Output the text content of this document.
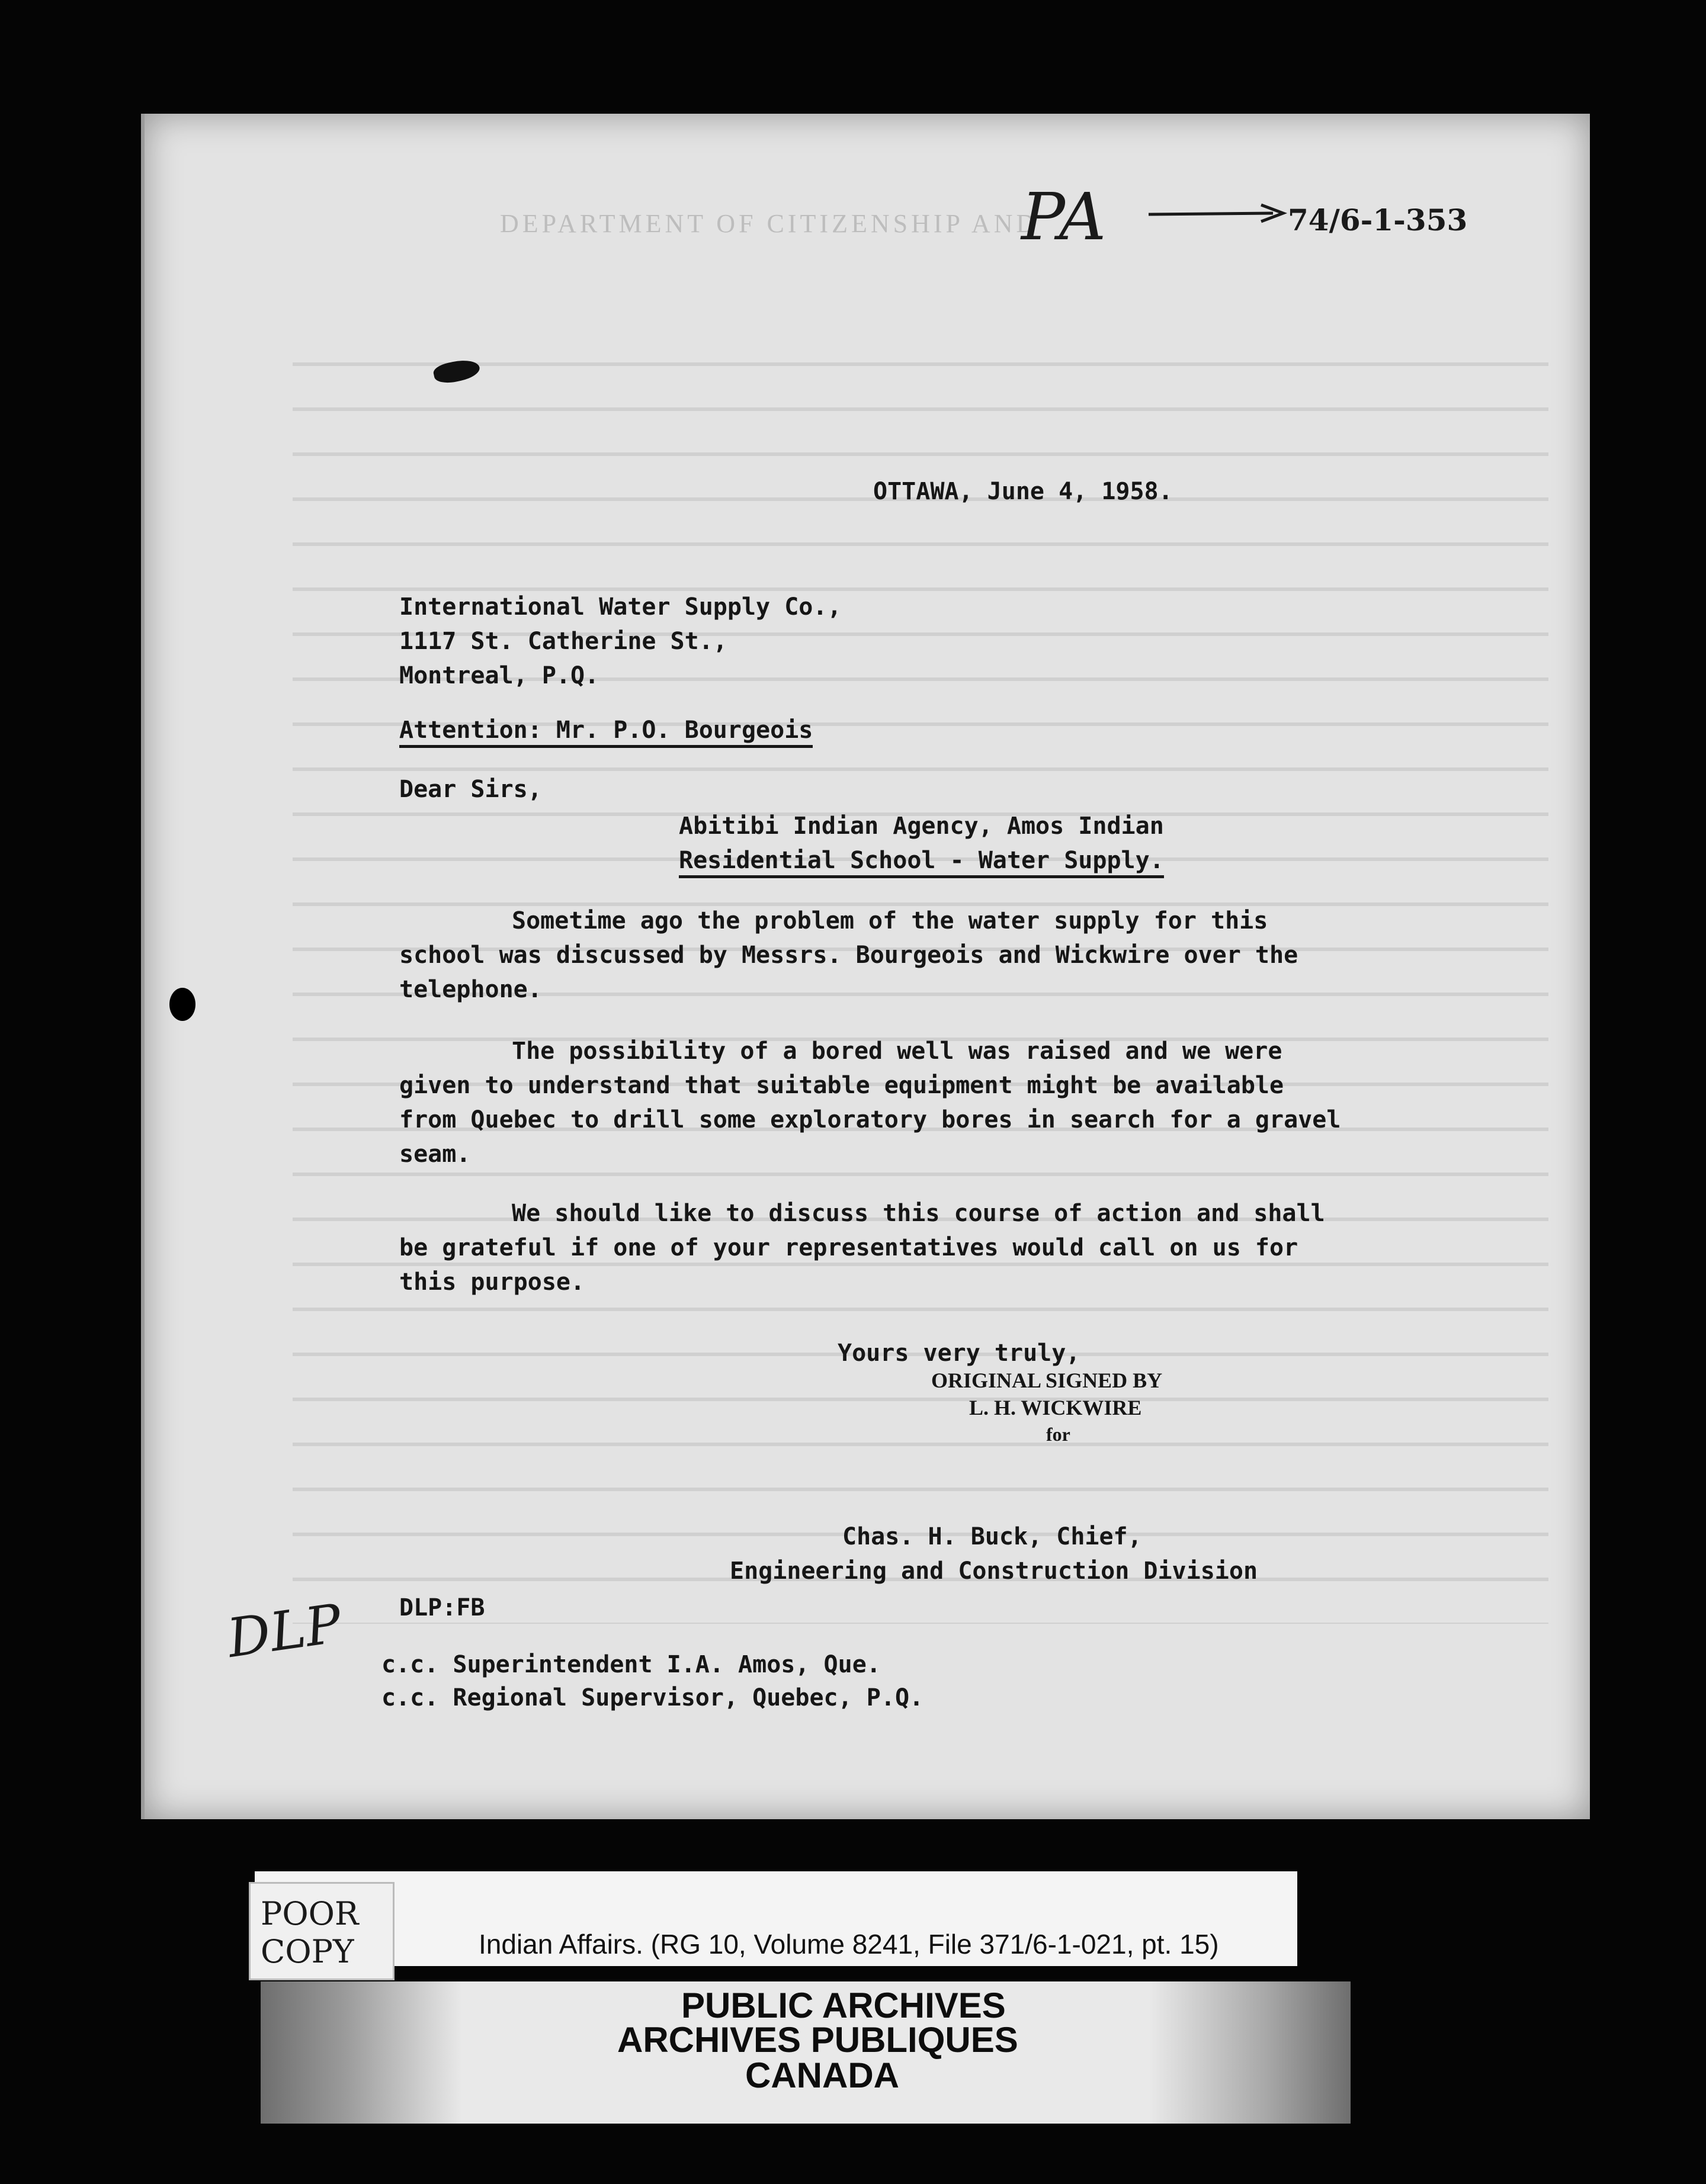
DEPARTMENT OF CITIZENSHIP AND
PA	74/6-1-353
OTTAWA, June 4, 1958.
International Water Supply Co.,
1117 St. Catherine St.,
Montreal, P.Q.
Attention: Mr. P.O. Bourgeois
Dear Sirs,
Abitibi Indian Agency, Amos Indian
Residential School - Water Supply.
Sometime ago the problem of the water supply for this
school was discussed by Messrs. Bourgeois and Wickwire over the
telephone.
The possibility of a bored well was raised and we were
given to understand that suitable equipment might be available
from Quebec to drill some exploratory bores in search for a gravel
seam.
We should like to discuss this course of action and shall
be grateful if one of your representatives would call on us for
this purpose.
Yours very truly,
ORIGINAL SIGNED BY
L. H. WICKWIRE
for
Chas. H. Buck, Chief,
Engineering and Construction Division
DLP:FB
DLP c.c. Superintendent I.A. Amos, Que.
c.c. Regional Supervisor, Quebec, P.Q.
POOR COPY	Indian Affairs. (RG 10, Volume 8241, File 371/6-1-021, pt. 15)
PUBLIC ARCHIVES
ARCHIVES PUBLIQUES
CANADA
